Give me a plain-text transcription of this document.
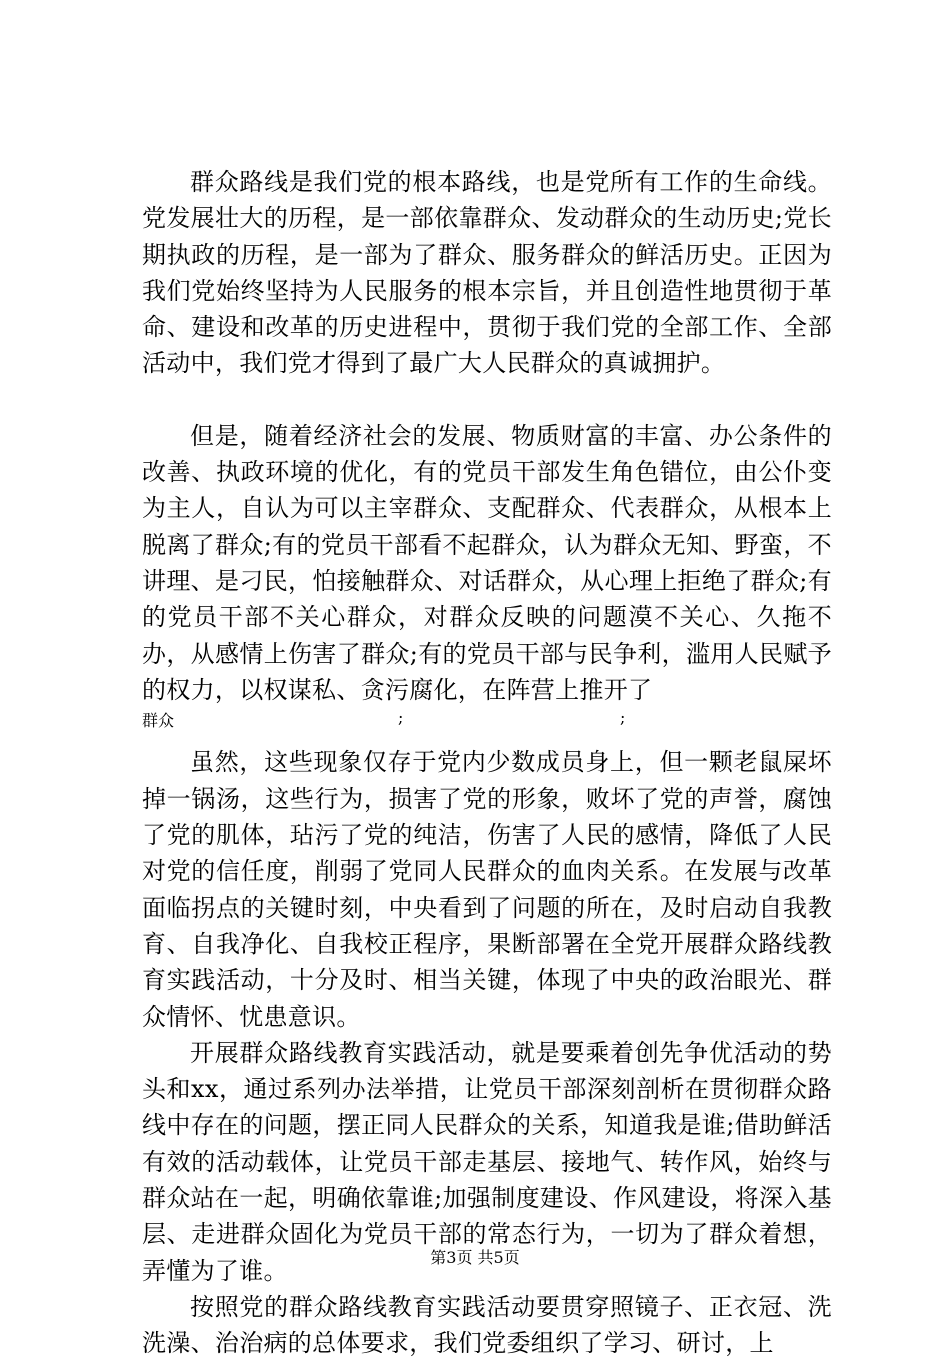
群众路线是我们党的根本路线，也是党所有工作的生命线。党发展壮大的历程，是一部依靠群众、发动群众的生动历史;党长期执政的历程，是一部为了群众、服务群众的鲜活历史。正因为我们党始终坚持为人民服务的根本宗旨，并且创造性地贯彻于革命、建设和改革的历史进程中，贯彻于我们党的全部工作、全部活动中，我们党才得到了最广大人民群众的真诚拥护。

但是，随着经济社会的发展、物质财富的丰富、办公条件的改善、执政环境的优化，有的党员干部发生角色错位，由公仆变为主人，自认为可以主宰群众、支配群众、代表群众，从根本上脱离了群众;有的党员干部看不起群众，认为群众无知、野蛮，不讲理、是刁民，怕接触群众、对话群众，从心理上拒绝了群众;有的党员干部不关心群众，对群众反映的问题漠不关心、久拖不办，从感情上伤害了群众;有的党员干部与民争利，滥用人民赋予的权力，以权谋私、贪污腐化，在阵营上推开了

群众	;	;

虽然，这些现象仅存于党内少数成员身上，但一颗老鼠屎坏掉一锅汤，这些行为，损害了党的形象，败坏了党的声誉，腐蚀了党的肌体，玷污了党的纯洁，伤害了人民的感情，降低了人民对党的信任度，削弱了党同人民群众的血肉关系。在发展与改革面临拐点的关键时刻，中央看到了问题的所在，及时启动自我教育、自我净化、自我校正程序，果断部署在全党开展群众路线教育实践活动，十分及时、相当关键，体现了中央的政治眼光、群众情怀、忧患意识。

开展群众路线教育实践活动，就是要乘着创先争优活动的势头和xx，通过系列办法举措，让党员干部深刻剖析在贯彻群众路线中存在的问题，摆正同人民群众的关系，知道我是谁;借助鲜活有效的活动载体，让党员干部走基层、接地气、转作风，始终与群众站在一起，明确依靠谁;加强制度建设、作风建设，将深入基层、走进群众固化为党员干部的常态行为，一切为了群众着想，弄懂为了谁。

按照党的群众路线教育实践活动要贯穿照镜子、正衣冠、洗洗澡、治治病的总体要求，我们党委组织了学习、研讨，上

第3页 共5页
